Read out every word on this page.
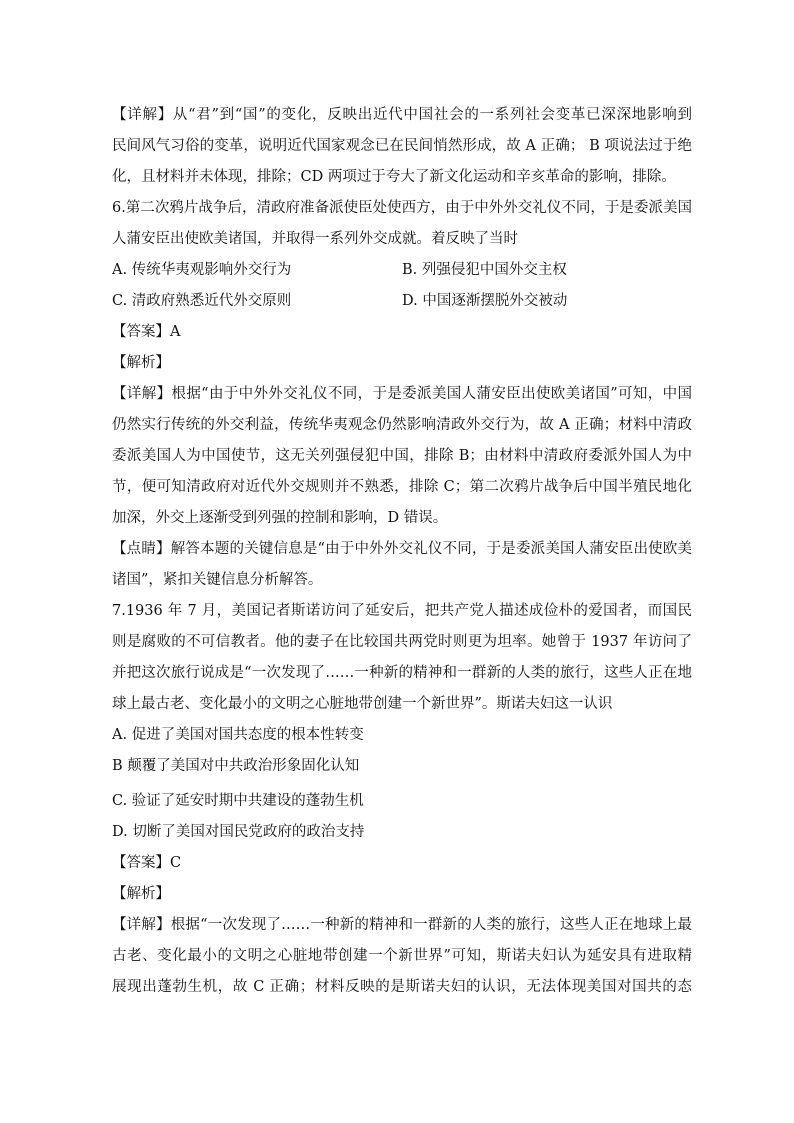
【详解】从“君”到“国”的变化，反映出近代中国社会的一系列社会变革已深深地影响到
民间风气习俗的变革，说明近代国家观念已在民间悄然形成，故 A 正确； B 项说法过于绝
化，且材料并未体现，排除；CD 两项过于夸大了新文化运动和辛亥革命的影响，排除。
6.第二次鸦片战争后，清政府准备派使臣处使西方，由于中外外交礼仪不同，于是委派美国
人蒲安臣出使欧美诸国，并取得一系列外交成就。着反映了当时
A. 传统华夷观影响外交行为	B. 列强侵犯中国外交主权
C. 清政府熟悉近代外交原则	D. 中国逐渐摆脱外交被动
【答案】A
【解析】
【详解】根据“由于中外外交礼仪不同，于是委派美国人蒲安臣出使欧美诸国”可知，中国
仍然实行传统的外交利益，传统华夷观念仍然影响清政外交行为，故 A 正确；材料中清政
委派美国人为中国使节，这无关列强侵犯中国，排除 B；由材料中清政府委派外国人为中
节，便可知清政府对近代外交规则并不熟悉，排除 C；第二次鸦片战争后中国半殖民地化
加深，外交上逐渐受到列强的控制和影响，D 错误。
【点睛】解答本题的关键信息是“由于中外外交礼仪不同，于是委派美国人蒲安臣出使欧美
诸国”，紧扣关键信息分析解答。
7.1936 年 7 月，美国记者斯诺访问了延安后，把共产党人描述成俭朴的爱国者，而国民
则是腐败的不可信教者。他的妻子在比较国共两党时则更为坦率。她曾于 1937 年访问了
并把这次旅行说成是“一次发现了……一种新的精神和一群新的人类的旅行，这些人正在地
球上最古老、变化最小的文明之心脏地带创建一个新世界”。斯诺夫妇这一认识
A. 促进了美国对国共态度的根本性转变
B 颠覆了美国对中共政治形象固化认知
C. 验证了延安时期中共建设的蓬勃生机
D. 切断了美国对国民党政府的政治支持
【答案】C
【解析】
【详解】根据“一次发现了……一种新的精神和一群新的人类的旅行，这些人正在地球上最
古老、变化最小的文明之心脏地带创建一个新世界”可知，斯诺夫妇认为延安具有进取精
展现出蓬勃生机，故 C 正确；材料反映的是斯诺夫妇的认识，无法体现美国对国共的态
